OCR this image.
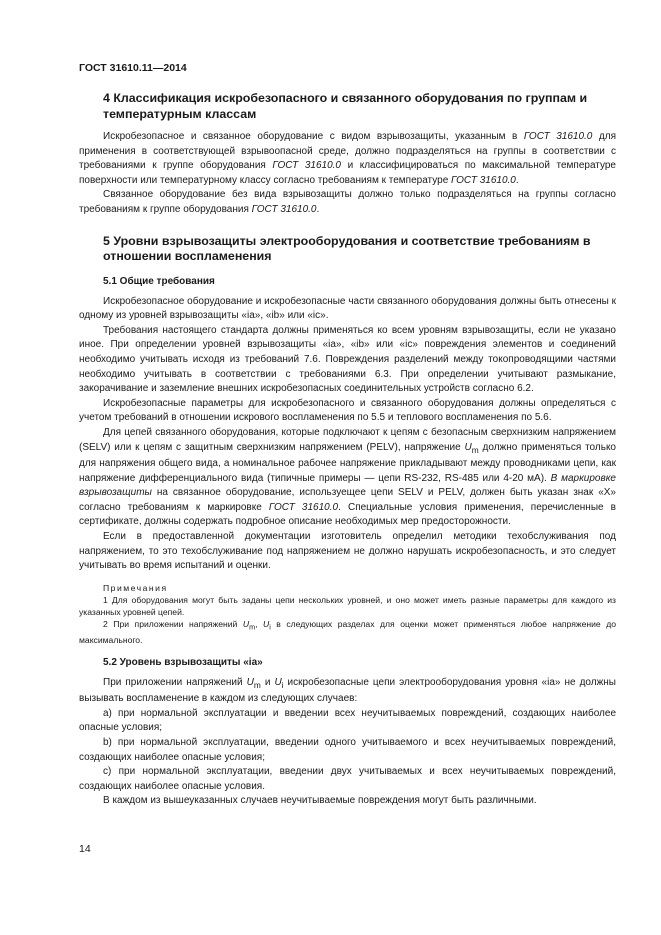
ГОСТ 31610.11—2014
4 Классификация искробезопасного и связанного оборудования по группам и температурным классам

Искробезопасное и связанное оборудование с видом взрывозащиты, указанным в ГОСТ 31610.0 для применения в соответствующей взрывоопасной среде, должно подразделяться на группы в соответствии с требованиями к группе оборудования ГОСТ 31610.0 и классифицироваться по максимальной температуре поверхности или температурному классу согласно требованиям к температуре ГОСТ 31610.0.

Связанное оборудование без вида взрывозащиты должно только подразделяться на группы согласно требованиям к группе оборудования ГОСТ 31610.0.

5 Уровни взрывозащиты электрооборудования и соответствие требованиям в отношении воспламенения
5.1 Общие требования

Искробезопасное оборудование и искробезопасные части связанного оборудования должны быть отнесены к одному из уровней взрывозащиты «ia», «ib» или «ic».

Требования настоящего стандарта должны применяться ко всем уровням взрывозащиты, если не указано иное. При определении уровней взрывозащиты «ia», «ib» или «ic» повреждения элементов и соединений необходимо учитывать исходя из требований 7.6. Повреждения разделений между токопроводящими частями необходимо учитывать в соответствии с требованиями 6.3. При определении учитывают размыкание, закорачивание и заземление внешних искробезопасных соединительных устройств согласно 6.2.

Искробезопасные параметры для искробезопасного и связанного оборудования должны определяться с учетом требований в отношении искрового воспламенения по 5.5 и теплового воспламенения по 5.6.

Для цепей связанного оборудования, которые подключают к цепям с безопасным сверхнизким напряжением (SELV) или к цепям с защитным сверхнизким напряжением (PELV), напряжение $U_m$ должно применяться только для напряжения общего вида, а номинальное рабочее напряжение прикладывают между проводниками цепи, как напряжение дифференциального вида (типичные примеры — цепи RS-232, RS-485 или 4-20 мА). В маркировке взрывозащиты на связанное оборудование, используещее цепи SELV и PELV, должен быть указан знак «X» согласно требованиям к маркировке ГОСТ 31610.0. Специальные условия применения, перечисленные в сертификате, должны содержать подробное описание необходимых мер предосторожности.

Если в предоставленной документации изготовитель определил методики техобслуживания под напряжением, то это техобслуживание под напряжением не должно нарушать искробезопасность, и это следует учитывать во время испытаний и оценки.

Примечания

1 Для оборудования могут быть заданы цепи нескольких уровней, и оно может иметь разные параметры для каждого из указанных уровней цепей.

2 При приложении напряжений $U_m$, $U_i$ в следующих разделах для оценки может применяться любое напряжение до максимального.

5.2 Уровень взрывозащиты «ia»

При приложении напряжений $U_m$ и $U_i$ искробезопасные цепи электрооборудования уровня «ia» не должны вызывать воспламенение в каждом из следующих случаев:

а) при нормальной эксплуатации и введении всех неучитываемых повреждений, создающих наиболее опасные условия;

b) при нормальной эксплуатации, введении одного учитываемого и всех неучитываемых повреждений, создающих наиболее опасные условия;

c) при нормальной эксплуатации, введении двух учитываемых и всех неучитываемых повреждений, создающих наиболее опасные условия.

В каждом из вышеуказанных случаев неучитываемые повреждения могут быть различными.

14
